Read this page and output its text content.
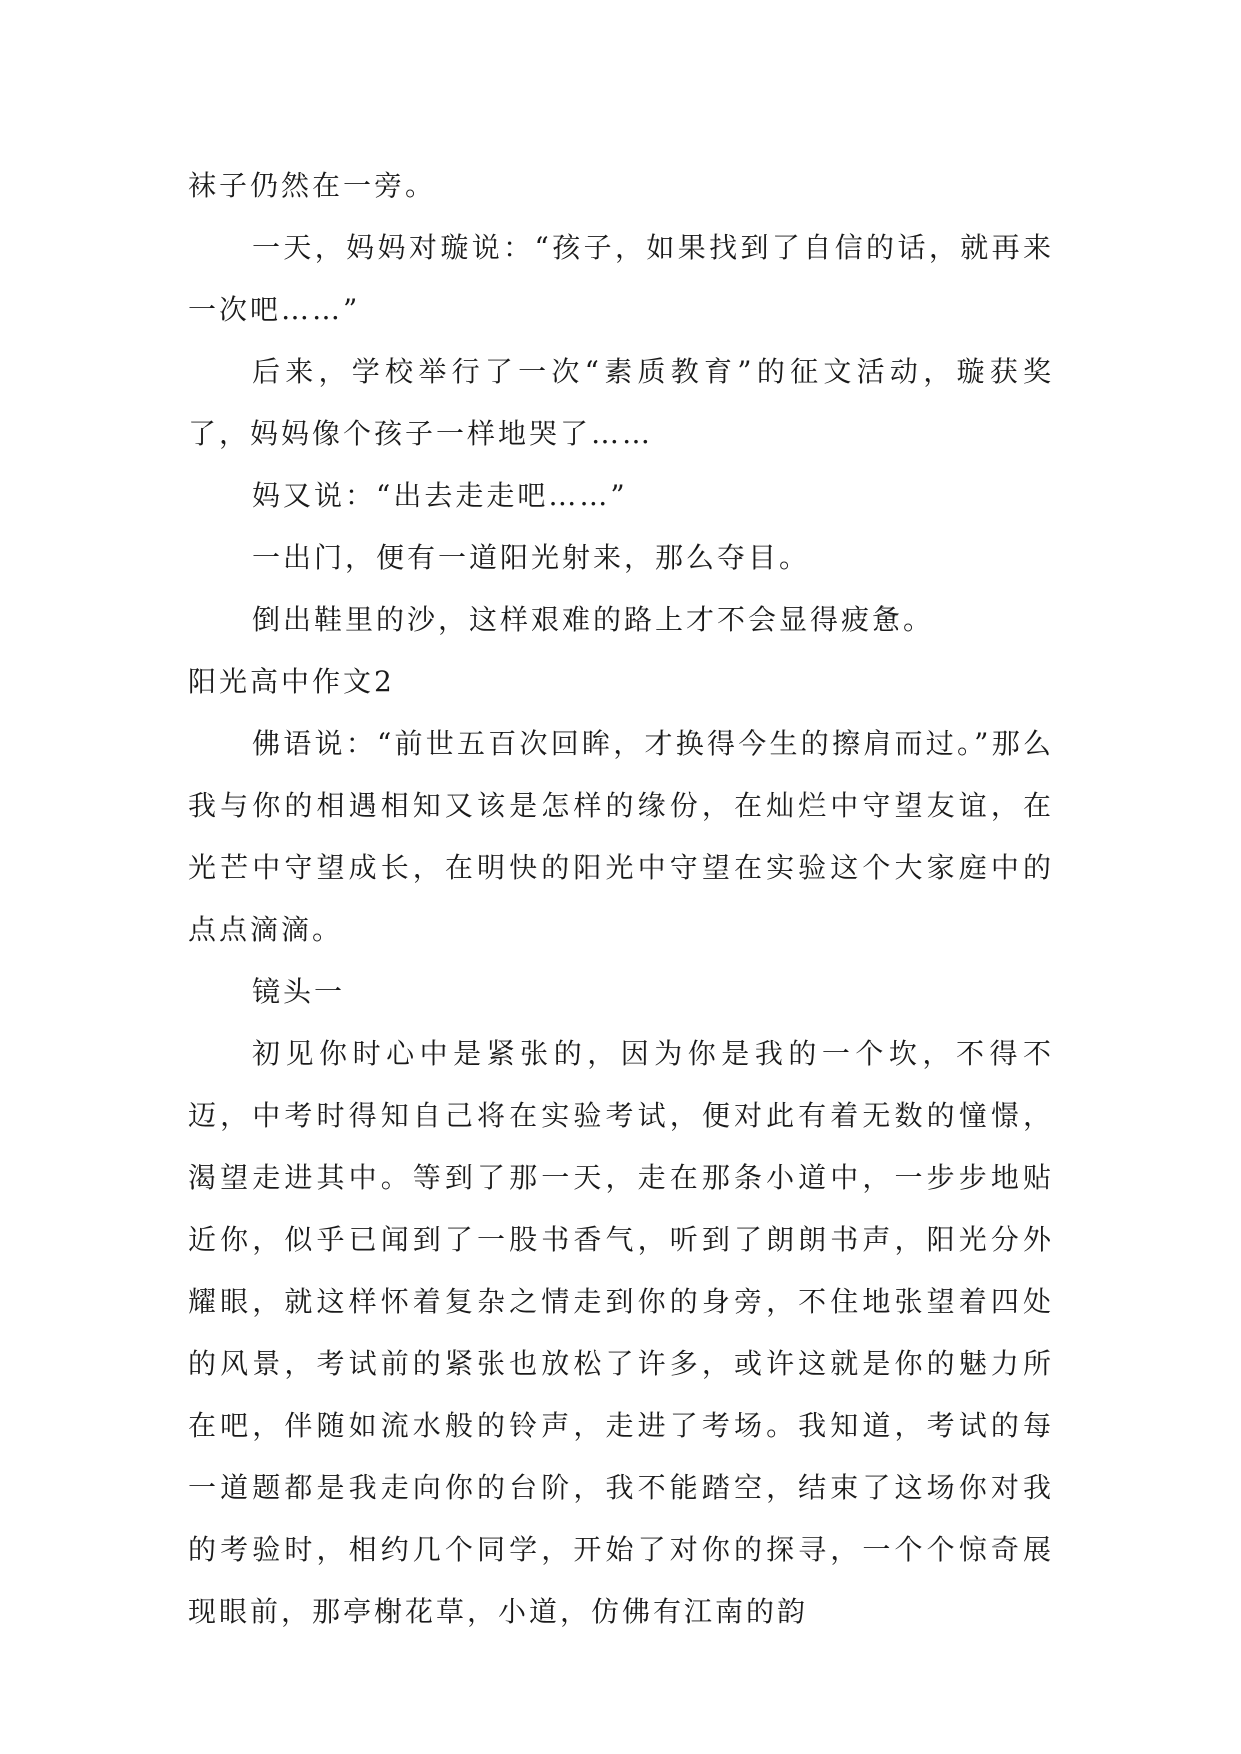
袜子仍然在一旁。

一天，妈妈对璇说：“孩子，如果找到了自信的话，就再来一次吧……”

后来，学校举行了一次“素质教育”的征文活动，璇获奖了，妈妈像个孩子一样地哭了……

妈又说：“出去走走吧……”

一出门，便有一道阳光射来，那么夺目。

倒出鞋里的沙，这样艰难的路上才不会显得疲惫。

阳光高中作文2

佛语说：“前世五百次回眸，才换得今生的擦肩而过。”那么我与你的相遇相知又该是怎样的缘份，在灿烂中守望友谊，在光芒中守望成长，在明快的阳光中守望在实验这个大家庭中的点点滴滴。

镜头一

初见你时心中是紧张的，因为你是我的一个坎，不得不迈，中考时得知自己将在实验考试，便对此有着无数的憧憬，渴望走进其中。等到了那一天，走在那条小道中，一步步地贴近你，似乎已闻到了一股书香气，听到了朗朗书声，阳光分外耀眼，就这样怀着复杂之情走到你的身旁，不住地张望着四处的风景，考试前的紧张也放松了许多，或许这就是你的魅力所在吧，伴随如流水般的铃声，走进了考场。我知道，考试的每一道题都是我走向你的台阶，我不能踏空，结束了这场你对我的考验时，相约几个同学，开始了对你的探寻，一个个惊奇展现眼前，那亭榭花草，小道，仿佛有江南的韵
